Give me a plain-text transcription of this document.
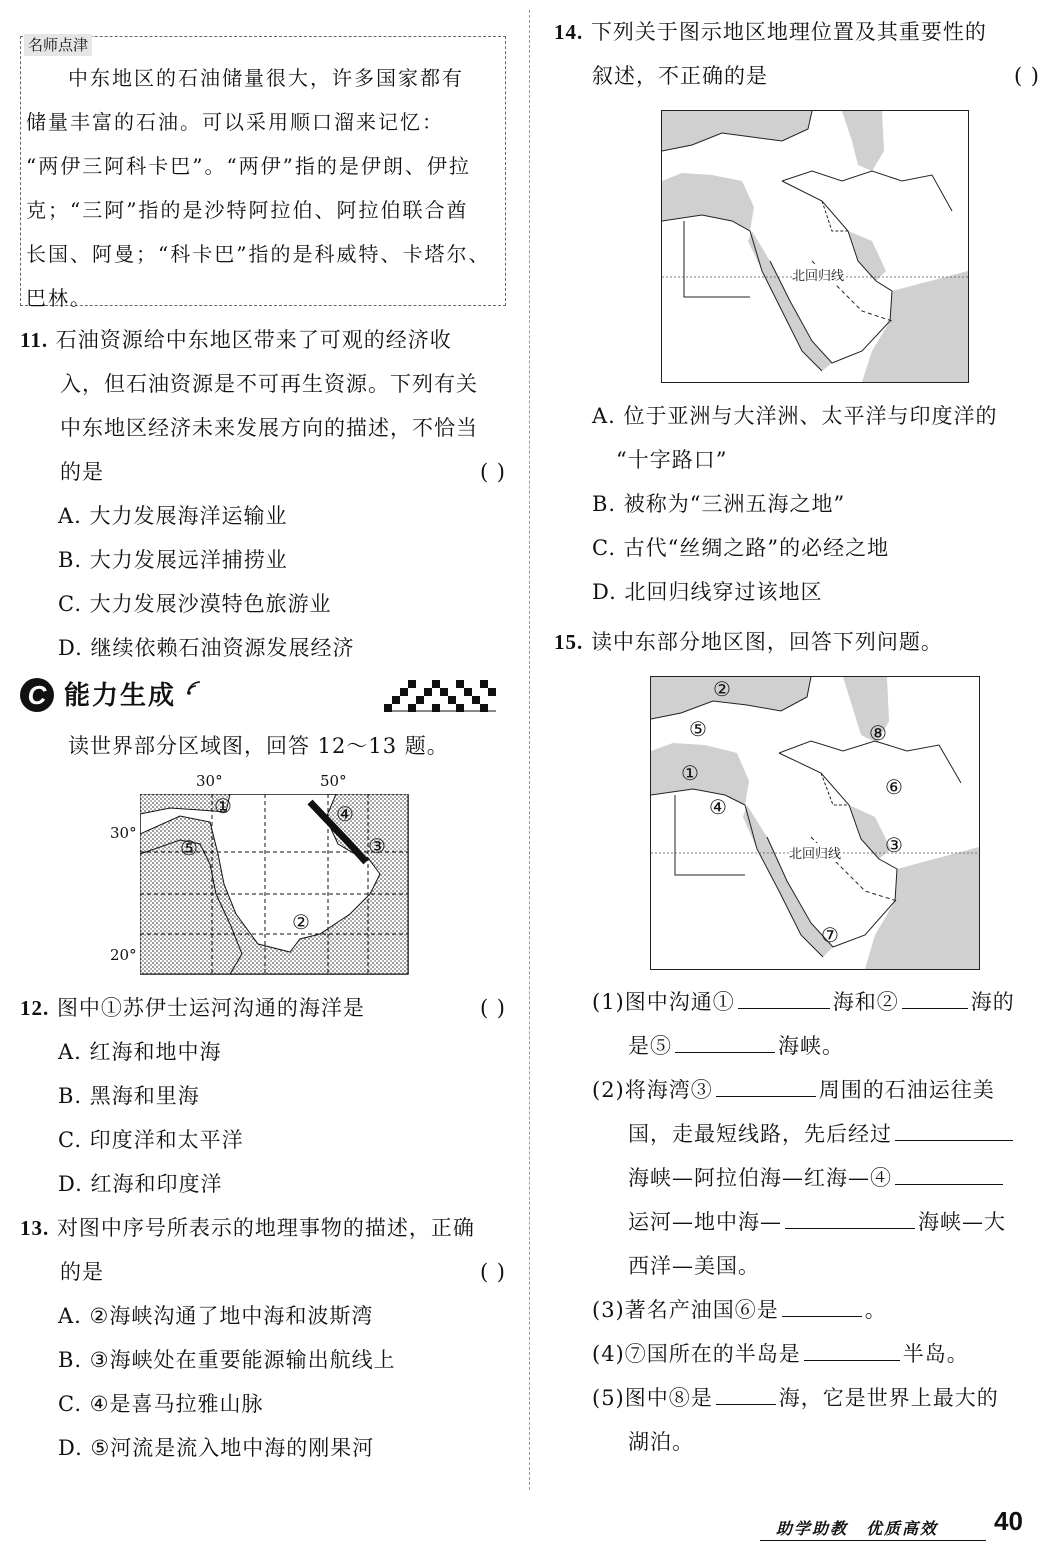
名师点津
中东地区的石油储量很大，许多国家都有
储量丰富的石油。可以采用顺口溜来记忆：
“两伊三阿科卡巴”。“两伊”指的是伊朗、伊拉
克；“三阿”指的是沙特阿拉伯、阿拉伯联合酋
长国、阿曼；“科卡巴”指的是科威特、卡塔尔、
巴林。
11. 石油资源给中东地区带来了可观的经济收
入，但石油资源是不可再生资源。下列有关
中东地区经济未来发展方向的描述，不恰当
的是	( )
A. 大力发展海洋运输业
B. 大力发展远洋捕捞业
C. 大力发展沙漠特色旅游业
D. 继续依赖石油资源发展经济
C 能力生成
读世界部分区域图，回答 12～13 题。
30°	50°
30°
20°
①
②
③
④
⑤
12. 图中①苏伊士运河沟通的海洋是	( )
A. 红海和地中海
B. 黑海和里海
C. 印度洋和太平洋
D. 红海和印度洋
13. 对图中序号所表示的地理事物的描述，正确
的是	( )
A. ②海峡沟通了地中海和波斯湾
B. ③海峡处在重要能源输出航线上
C. ④是喜马拉雅山脉
D. ⑤河流是流入地中海的刚果河
14. 下列关于图示地区地理位置及其重要性的
叙述，不正确的是	( )
北回归线
A. 位于亚洲与大洋洲、太平洋与印度洋的
“十字路口”
B. 被称为“三洲五海之地”
C. 古代“丝绸之路”的必经之地
D. 北回归线穿过该地区
15. 读中东部分地区图，回答下列问题。
北回归线
①
②
③
④
⑤
⑥
⑦
⑧
(1)图中沟通①	海和②	海的
是⑤	海峡。
(2)将海湾③	周围的石油运往美
国，走最短线路，先后经过
海峡—阿拉伯海—红海—④
运河—地中海—	海峡—大
西洋—美国。
(3)著名产油国⑥是	。
(4)⑦国所在的半岛是	半岛。
(5)图中⑧是	海，它是世界上最大的
湖泊。
助学助教　优质高效 40
